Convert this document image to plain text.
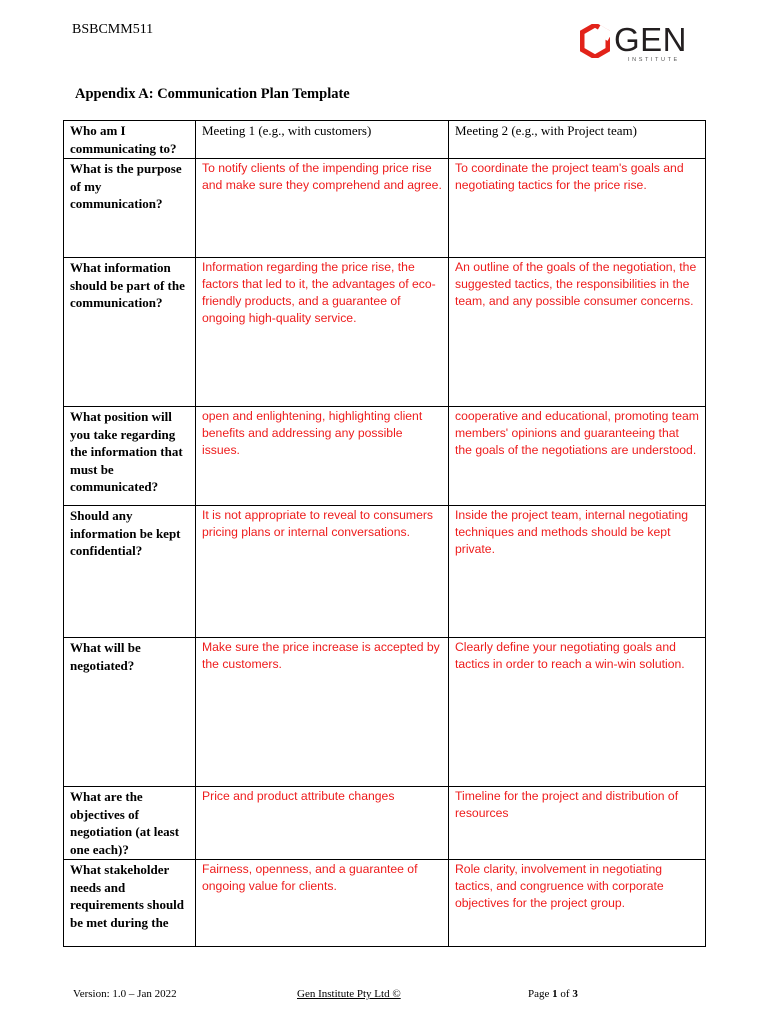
BSBCMM511	GEN
INSTITUTE
Appendix A: Communication Plan Template
Who am I communicating to?	Meeting 1 (e.g., with customers)	Meeting 2 (e.g., with Project team)
What is the purpose of my communication?	To notify clients of the impending price rise and make sure they comprehend and agree.	To coordinate the project team's goals and negotiating tactics for the price rise.
What information should be part of the communication?	Information regarding the price rise, the factors that led to it, the advantages of eco-friendly products, and a guarantee of ongoing high-quality service.	An outline of the goals of the negotiation, the suggested tactics, the responsibilities in the team, and any possible consumer concerns.
What position will you take regarding the information that must be communicated?	open and enlightening, highlighting client benefits and addressing any possible issues.	cooperative and educational, promoting team members' opinions and guaranteeing that the goals of the negotiations are understood.
Should any information be kept confidential?	It is not appropriate to reveal to consumers pricing plans or internal conversations.	Inside the project team, internal negotiating techniques and methods should be kept private.
What will be negotiated?	Make sure the price increase is accepted by the customers.	Clearly define your negotiating goals and tactics in order to reach a win-win solution.
What are the objectives of negotiation (at least one each)?	Price and product attribute changes	Timeline for the project and distribution of resources
What stakeholder needs and requirements should be met during the	Fairness, openness, and a guarantee of ongoing value for clients.	Role clarity, involvement in negotiating tactics, and congruence with corporate objectives for the project group.
Version: 1.0 – Jan 2022	Gen Institute Pty Ltd ©	Page 1 of 3
